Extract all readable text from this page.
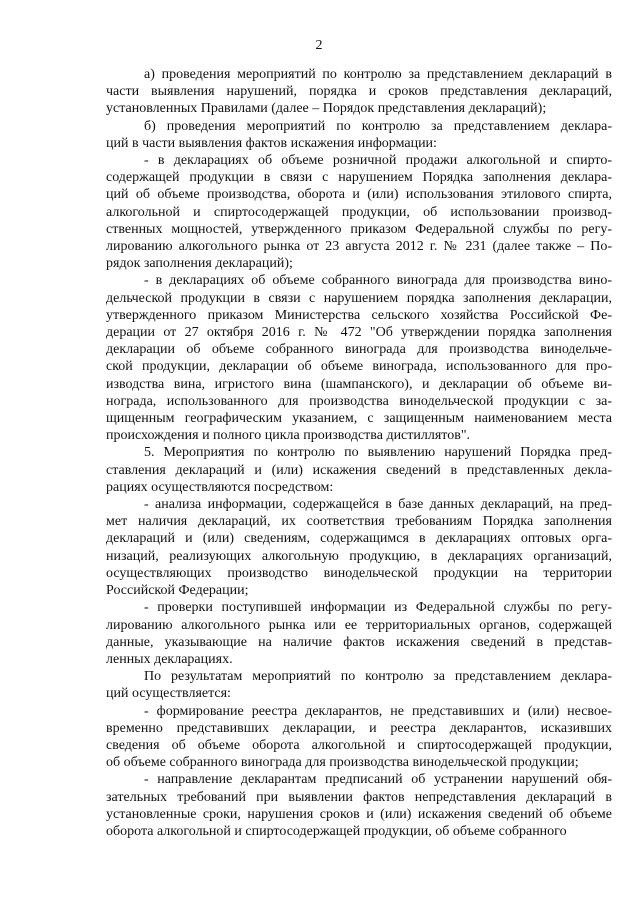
2

а) проведения мероприятий по контролю за представлением деклараций в
части выявления нарушений, порядка и сроков представления деклараций,
установленных Правилами (далее – Порядок представления деклараций);

б) проведения мероприятий по контролю за представлением деклара-
ций в части выявления фактов искажения информации:

- в декларациях об объеме розничной продажи алкогольной и спирто-
содержащей продукции в связи с нарушением Порядка заполнения деклара-
ций об объеме производства, оборота и (или) использования этилового спирта,
алкогольной и спиртосодержащей продукции, об использовании производ-
ственных мощностей, утвержденного приказом Федеральной службы по регу-
лированию алкогольного рынка от 23 августа 2012 г. № 231 (далее также – По-
рядок заполнения деклараций);

- в декларациях об объеме собранного винограда для производства вино-
дельческой продукции в связи с нарушением порядка заполнения декларации,
утвержденного приказом Министерства сельского хозяйства Российской Фе-
дерации от 27 октября 2016 г. № 472 "Об утверждении порядка заполнения
декларации об объеме собранного винограда для производства винодельче-
ской продукции, декларации об объеме винограда, использованного для про-
изводства вина, игристого вина (шампанского), и декларации об объеме ви-
нограда, использованного для производства винодельческой продукции с за-
щищенным географическим указанием, с защищенным наименованием места
происхождения и полного цикла производства дистиллятов".

5. Мероприятия по контролю по выявлению нарушений Порядка пред-
ставления деклараций и (или) искажения сведений в представленных декла-
рациях осуществляются посредством:

- анализа информации, содержащейся в базе данных деклараций, на пред-
мет наличия деклараций, их соответствия требованиям Порядка заполнения
деклараций и (или) сведениям, содержащимся в декларациях оптовых орга-
низаций, реализующих алкогольную продукцию, в декларациях организаций,
осуществляющих производство винодельческой продукции на территории
Российской Федерации;

- проверки поступившей информации из Федеральной службы по регу-
лированию алкогольного рынка или ее территориальных органов, содержащей
данные, указывающие на наличие фактов искажения сведений в представ-
ленных декларациях.

По результатам мероприятий по контролю за представлением деклара-
ций осуществляется:

- формирование реестра декларантов, не представивших и (или) несвое-
временно представивших декларации, и реестра декларантов, исказивших
сведения об объеме оборота алкогольной и спиртосодержащей продукции,
об объеме собранного винограда для производства винодельческой продукции;

- направление декларантам предписаний об устранении нарушений обя-
зательных требований при выявлении фактов непредставления деклараций в
установленные сроки, нарушения сроков и (или) искажения сведений об объеме
оборота алкогольной и спиртосодержащей продукции, об объеме собранного
